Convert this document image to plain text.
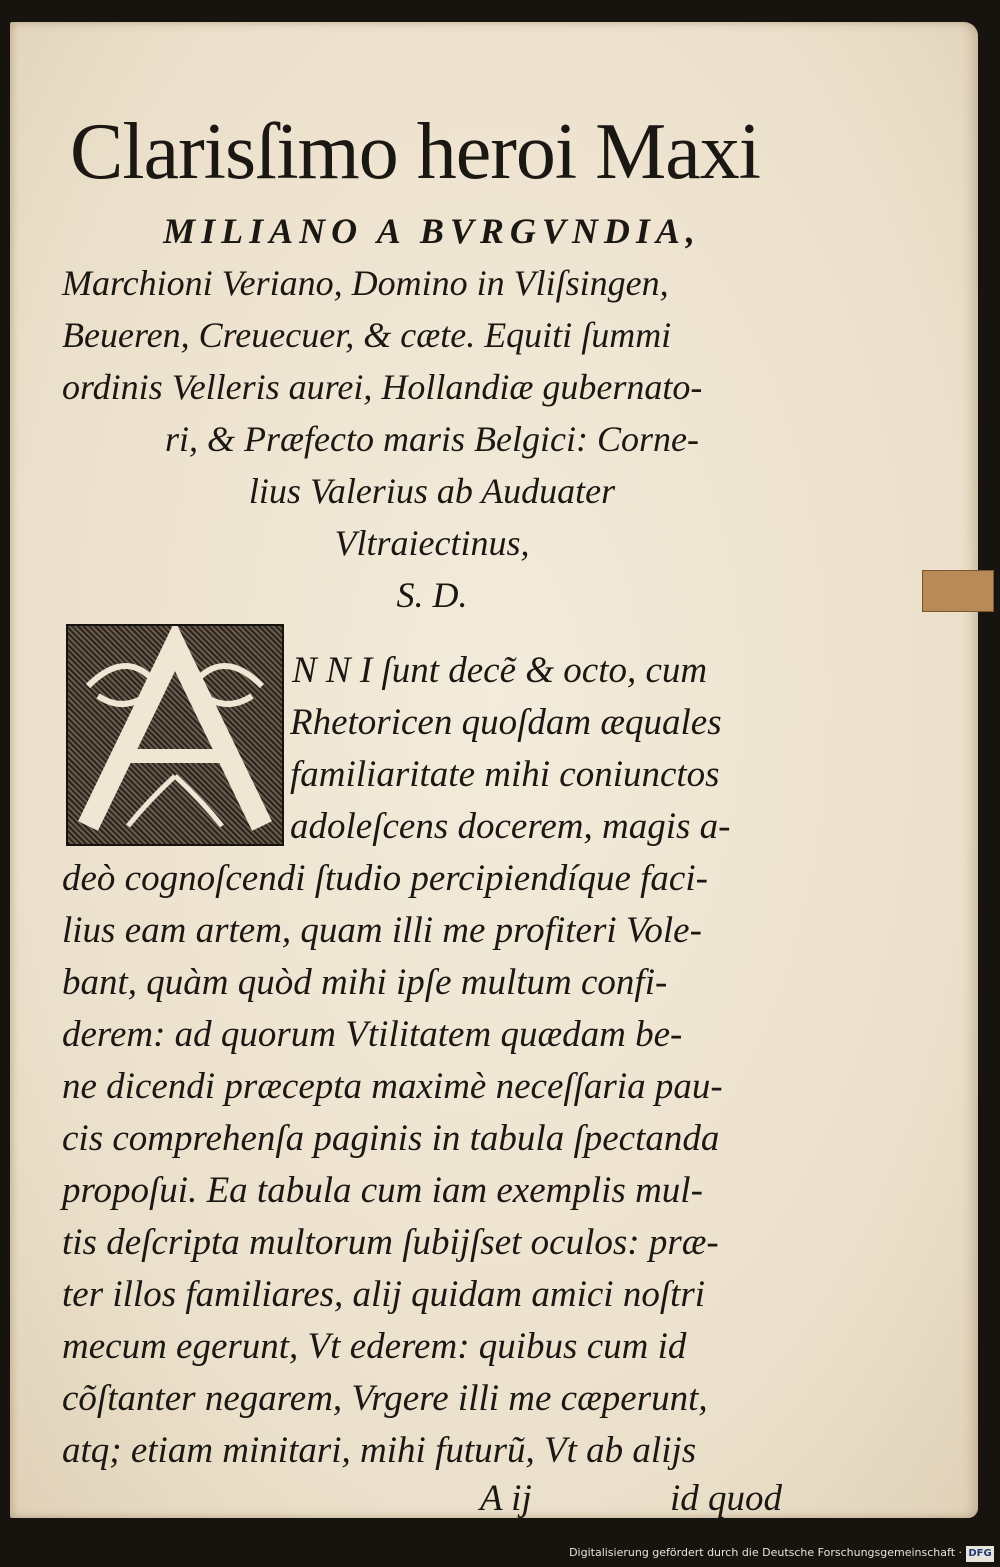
Clarisſimo heroi Maxi
MILIANO A BVRGVNDIA,
Marchioni Veriano, Domino in Vliſsingen,
Beueren, Creuecuer, & cæte. Equiti ſummi
ordinis Velleris aurei, Hollandiæ gubernato-
ri, & Præfecto maris Belgici: Corne-
lius Valerius ab Auduater
Vltraiectinus,
S. D.
N N I ſunt decẽ & octo, cum
Rhetoricen quoſdam æquales
familiaritate mihi coniunctos
adoleſcens docerem, magis a-
deò cognoſcendi ſtudio percipiendíque faci-
lius eam artem, quam illi me profiteri Vole-
bant, quàm quòd mihi ipſe multum confi-
derem: ad quorum Vtilitatem quædam be-
ne dicendi præcepta maximè neceſſaria pau-
cis comprehenſa paginis in tabula ſpectanda
propoſui. Ea tabula cum iam exemplis mul-
tis deſcripta multorum ſubijſset oculos: præ-
ter illos familiares, alij quidam amici noſtri
mecum egerunt, Vt ederem: quibus cum id
cõſtanter negarem, Vrgere illi me cæperunt,
atq; etiam minitari, mihi futurũ, Vt ab alijs
A ij	id quod
Digitalisierung gefördert durch die Deutsche Forschungsgemeinschaft · DFG
